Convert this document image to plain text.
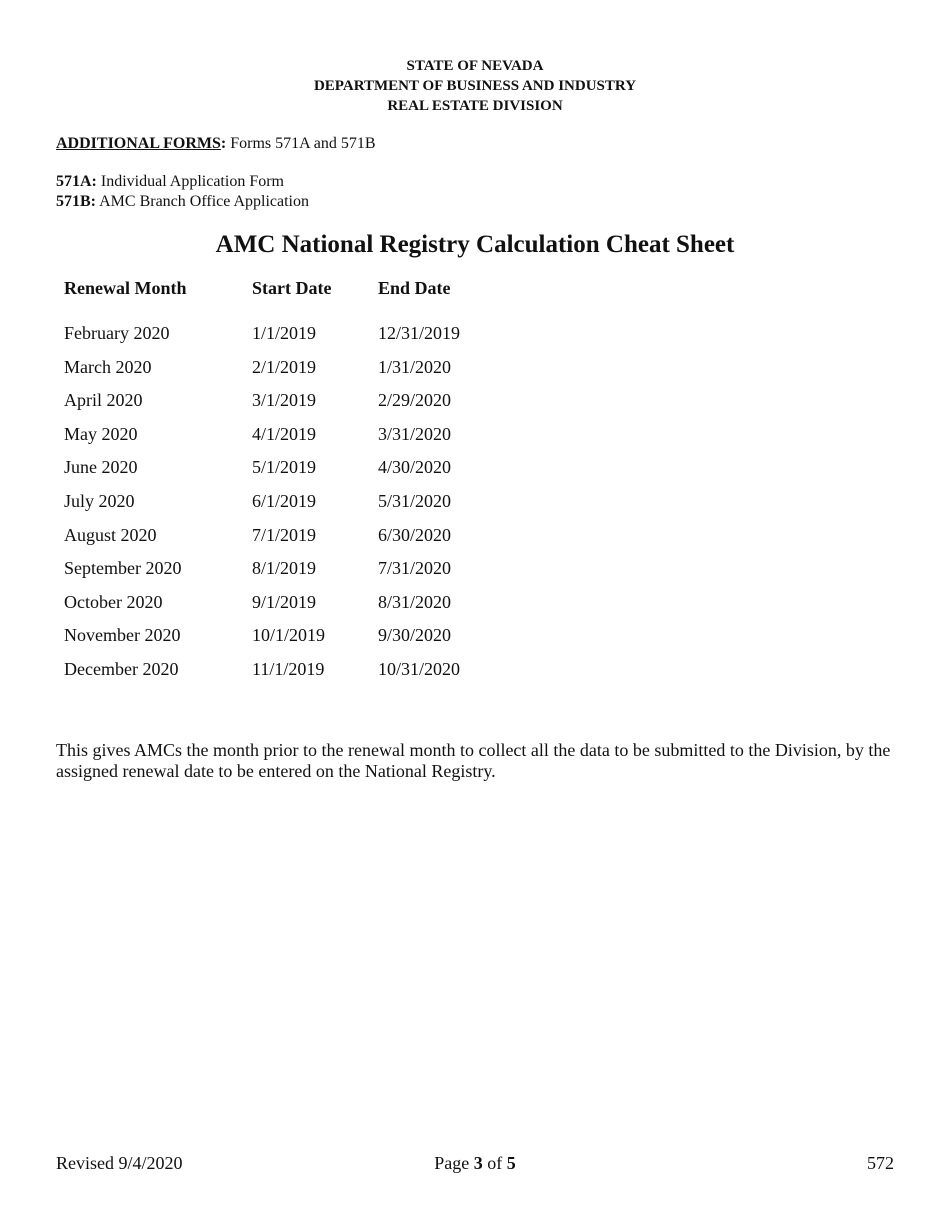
STATE OF NEVADA
DEPARTMENT OF BUSINESS AND INDUSTRY
REAL ESTATE DIVISION
ADDITIONAL FORMS: Forms 571A and 571B
571A: Individual Application Form
571B: AMC Branch Office Application
AMC National Registry Calculation Cheat Sheet
Renewal Month	Start Date	End Date
February 2020	1/1/2019	12/31/2019
March 2020	2/1/2019	1/31/2020
April 2020	3/1/2019	2/29/2020
May 2020	4/1/2019	3/31/2020
June 2020	5/1/2019	4/30/2020
July 2020	6/1/2019	5/31/2020
August 2020	7/1/2019	6/30/2020
September 2020	8/1/2019	7/31/2020
October 2020	9/1/2019	8/31/2020
November 2020	10/1/2019	9/30/2020
December 2020	11/1/2019	10/31/2020
This gives AMCs the month prior to the renewal month to collect all the data to be submitted to the Division, by the assigned renewal date to be entered on the National Registry.
Revised 9/4/2020	Page 3 of 5	572
